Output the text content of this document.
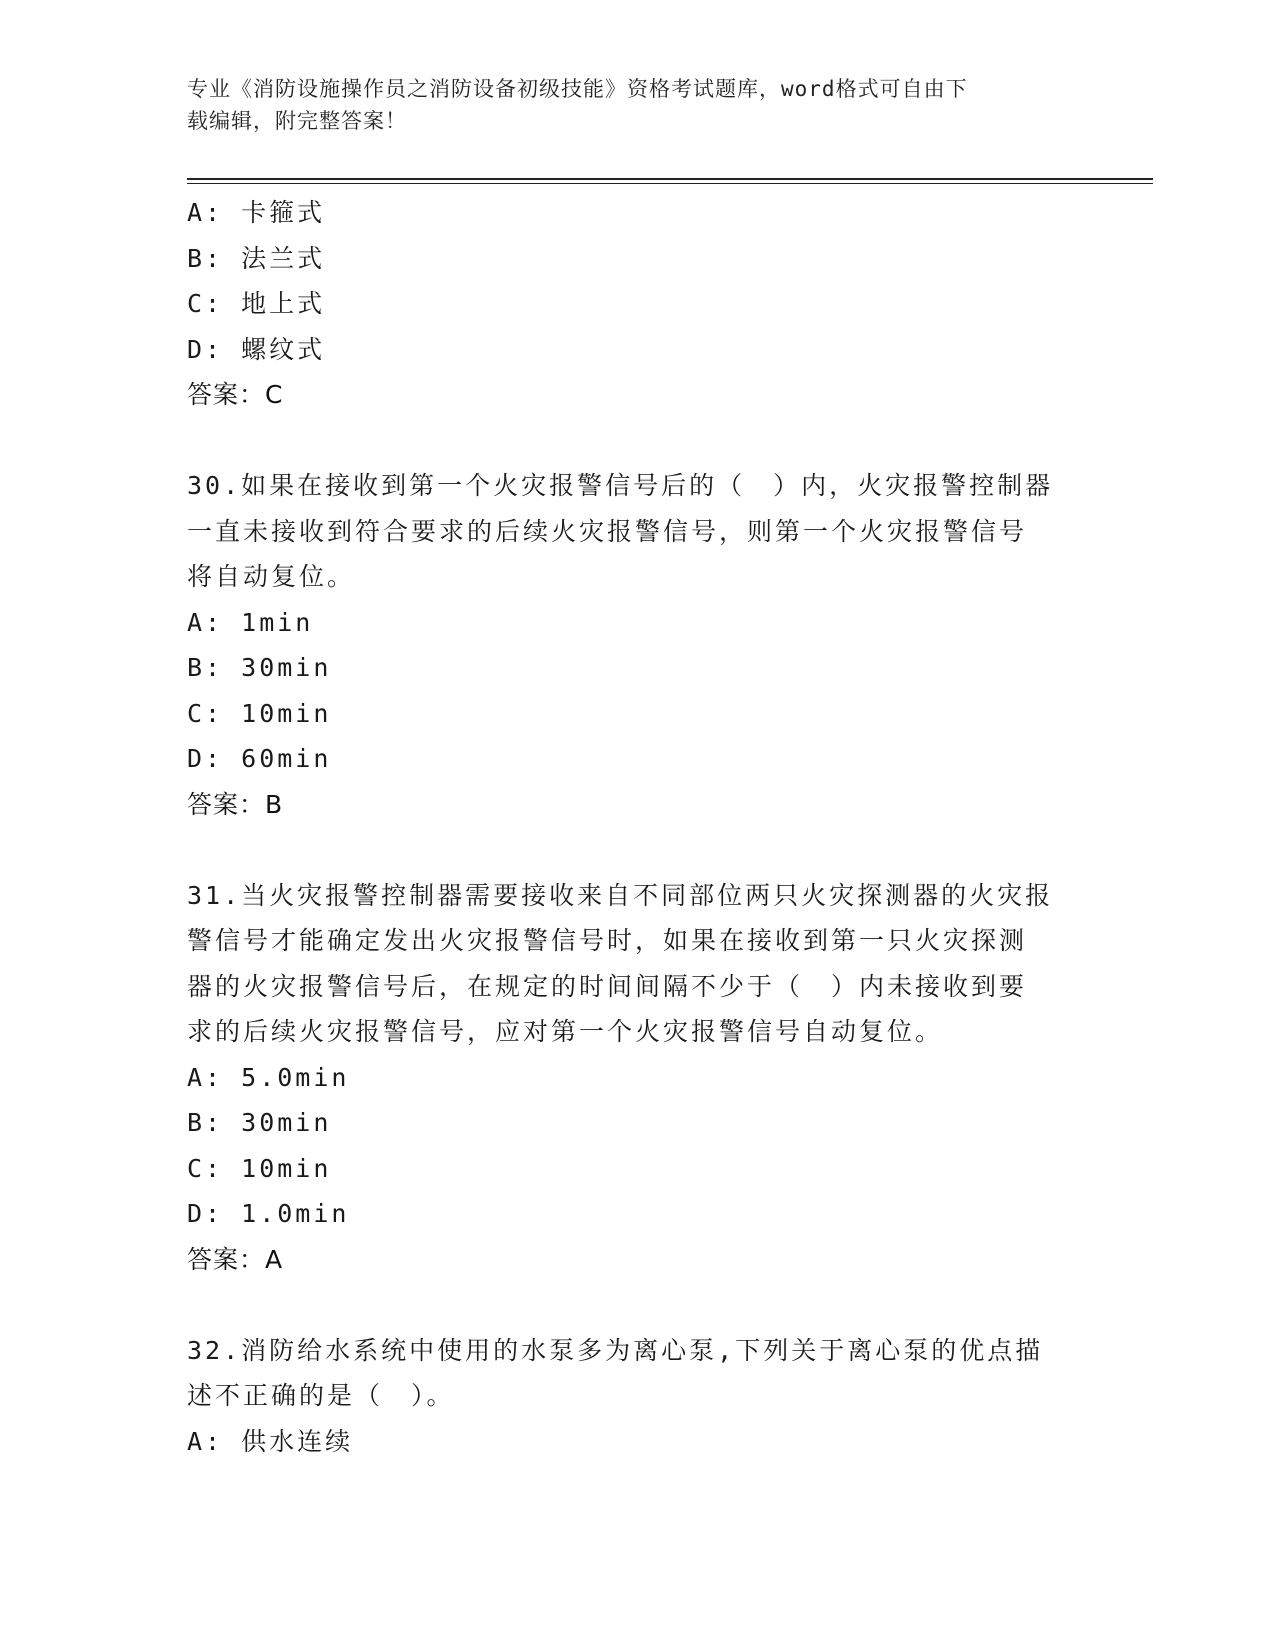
专业《消防设施操作员之消防设备初级技能》资格考试题库，word格式可自由下
载编辑，附完整答案！
A: 卡箍式
B: 法兰式
C: 地上式
D: 螺纹式
答案：C
30.如果在接收到第一个火灾报警信号后的（　）内，火灾报警控制器
一直未接收到符合要求的后续火灾报警信号，则第一个火灾报警信号
将自动复位。
A: 1min
B: 30min
C: 10min
D: 60min
答案：B
31.当火灾报警控制器需要接收来自不同部位两只火灾探测器的火灾报
警信号才能确定发出火灾报警信号时，如果在接收到第一只火灾探测
器的火灾报警信号后，在规定的时间间隔不少于（　）内未接收到要
求的后续火灾报警信号，应对第一个火灾报警信号自动复位。
A: 5.0min
B: 30min
C: 10min
D: 1.0min
答案：A
32.消防给水系统中使用的水泵多为离心泵,下列关于离心泵的优点描
述不正确的是（　）。
A: 供水连续
